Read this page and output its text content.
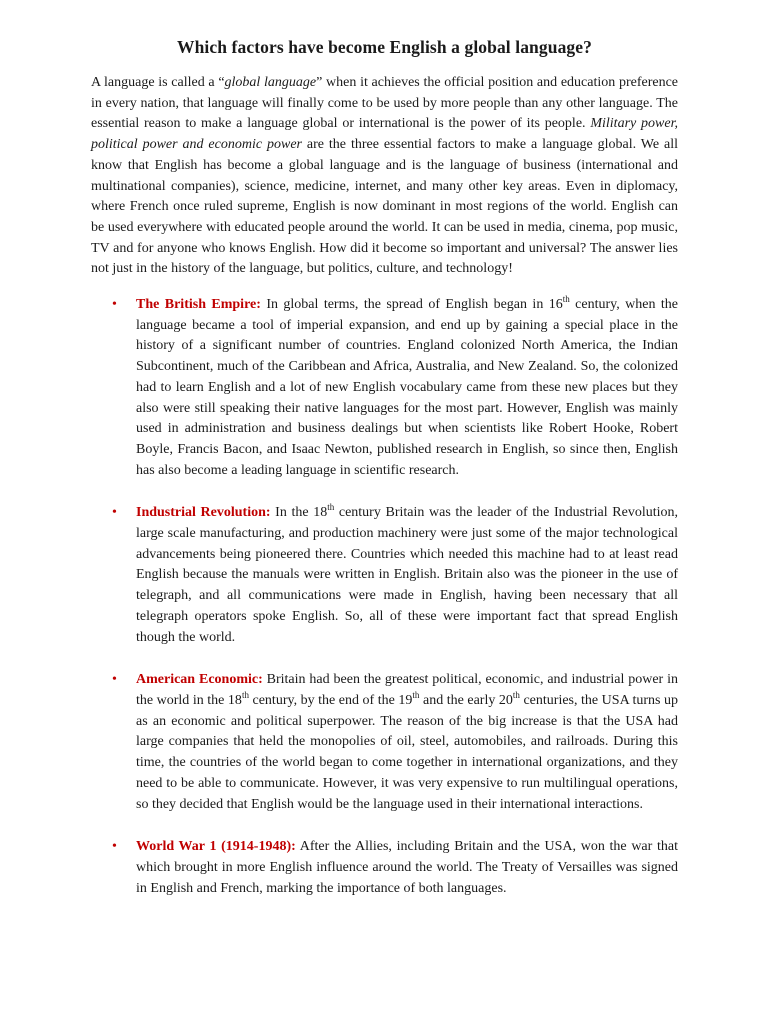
Which factors have become English a global language?

A language is called a “global language” when it achieves the official position and education preference in every nation, that language will finally come to be used by more people than any other language. The essential reason to make a language global or international is the power of its people. Military power, political power and economic power are the three essential factors to make a language global. We all know that English has become a global language and is the language of business (international and multinational companies), science, medicine, internet, and many other key areas. Even in diplomacy, where French once ruled supreme, English is now dominant in most regions of the world. English can be used everywhere with educated people around the world. It can be used in media, cinema, pop music, TV and for anyone who knows English. How did it become so important and universal? The answer lies not just in the history of the language, but politics, culture, and technology!

• The British Empire: In global terms, the spread of English began in 16th century, when the language became a tool of imperial expansion, and end up by gaining a special place in the history of a significant number of countries. England colonized North America, the Indian Subcontinent, much of the Caribbean and Africa, Australia, and New Zealand. So, the colonized had to learn English and a lot of new English vocabulary came from these new places but they also were still speaking their native languages for the most part. However, English was mainly used in administration and business dealings but when scientists like Robert Hooke, Robert Boyle, Francis Bacon, and Isaac Newton, published research in English, so since then, English has also become a leading language in scientific research.
• Industrial Revolution: In the 18th century Britain was the leader of the Industrial Revolution, large scale manufacturing, and production machinery were just some of the major technological advancements being pioneered there. Countries which needed this machine had to at least read English because the manuals were written in English. Britain also was the pioneer in the use of telegraph, and all communications were made in English, having been necessary that all telegraph operators spoke English. So, all of these were important fact that spread English though the world.
• American Economic: Britain had been the greatest political, economic, and industrial power in the world in the 18th century, by the end of the 19th and the early 20th centuries, the USA turns up as an economic and political superpower. The reason of the big increase is that the USA had large companies that held the monopolies of oil, steel, automobiles, and railroads. During this time, the countries of the world began to come together in international organizations, and they need to be able to communicate. However, it was very expensive to run multilingual operations, so they decided that English would be the language used in their international interactions.
• World War 1 (1914-1948): After the Allies, including Britain and the USA, won the war that which brought in more English influence around the world. The Treaty of Versailles was signed in English and French, marking the importance of both languages.
